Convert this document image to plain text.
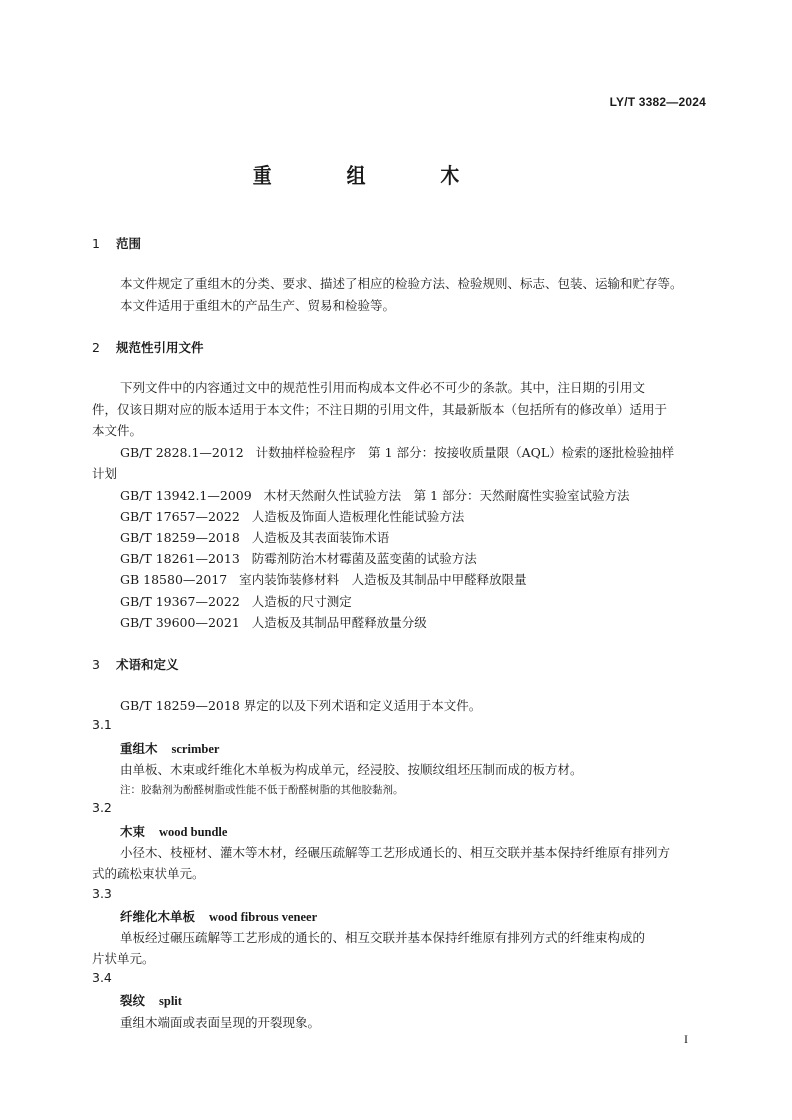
LY/T 3382—2024
重 组 木
1 范围
本文件规定了重组木的分类、要求、描述了相应的检验方法、检验规则、标志、包装、运输和贮存等。
本文件适用于重组木的产品生产、贸易和检验等。
2 规范性引用文件
下列文件中的内容通过文中的规范性引用而构成本文件必不可少的条款。其中，注日期的引用文
件，仅该日期对应的版本适用于本文件；不注日期的引用文件，其最新版本（包括所有的修改单）适用于
本文件。
GB/T 2828.1—2012 计数抽样检验程序　第 1 部分：按接收质量限（AQL）检索的逐批检验抽样
计划
GB/T 13942.1—2009 木材天然耐久性试验方法　第 1 部分：天然耐腐性实验室试验方法
GB/T 17657—2022 人造板及饰面人造板理化性能试验方法
GB/T 18259—2018 人造板及其表面装饰术语
GB/T 18261—2013 防霉剂防治木材霉菌及蓝变菌的试验方法
GB 18580—2017 室内装饰装修材料　人造板及其制品中甲醛释放限量
GB/T 19367—2022 人造板的尺寸测定
GB/T 39600—2021 人造板及其制品甲醛释放量分级
3 术语和定义
GB/T 18259—2018 界定的以及下列术语和定义适用于本文件。
3.1
重组木 scrimber
由单板、木束或纤维化木单板为构成单元，经浸胶、按顺纹组坯压制而成的板方材。
注：胶黏剂为酚醛树脂或性能不低于酚醛树脂的其他胶黏剂。
3.2
木束 wood bundle
小径木、枝桠材、灌木等木材，经碾压疏解等工艺形成通长的、相互交联并基本保持纤维原有排列方
式的疏松束状单元。
3.3
纤维化木单板 wood fibrous veneer
单板经过碾压疏解等工艺形成的通长的、相互交联并基本保持纤维原有排列方式的纤维束构成的
片状单元。
3.4
裂纹 split
重组木端面或表面呈现的开裂现象。
I
